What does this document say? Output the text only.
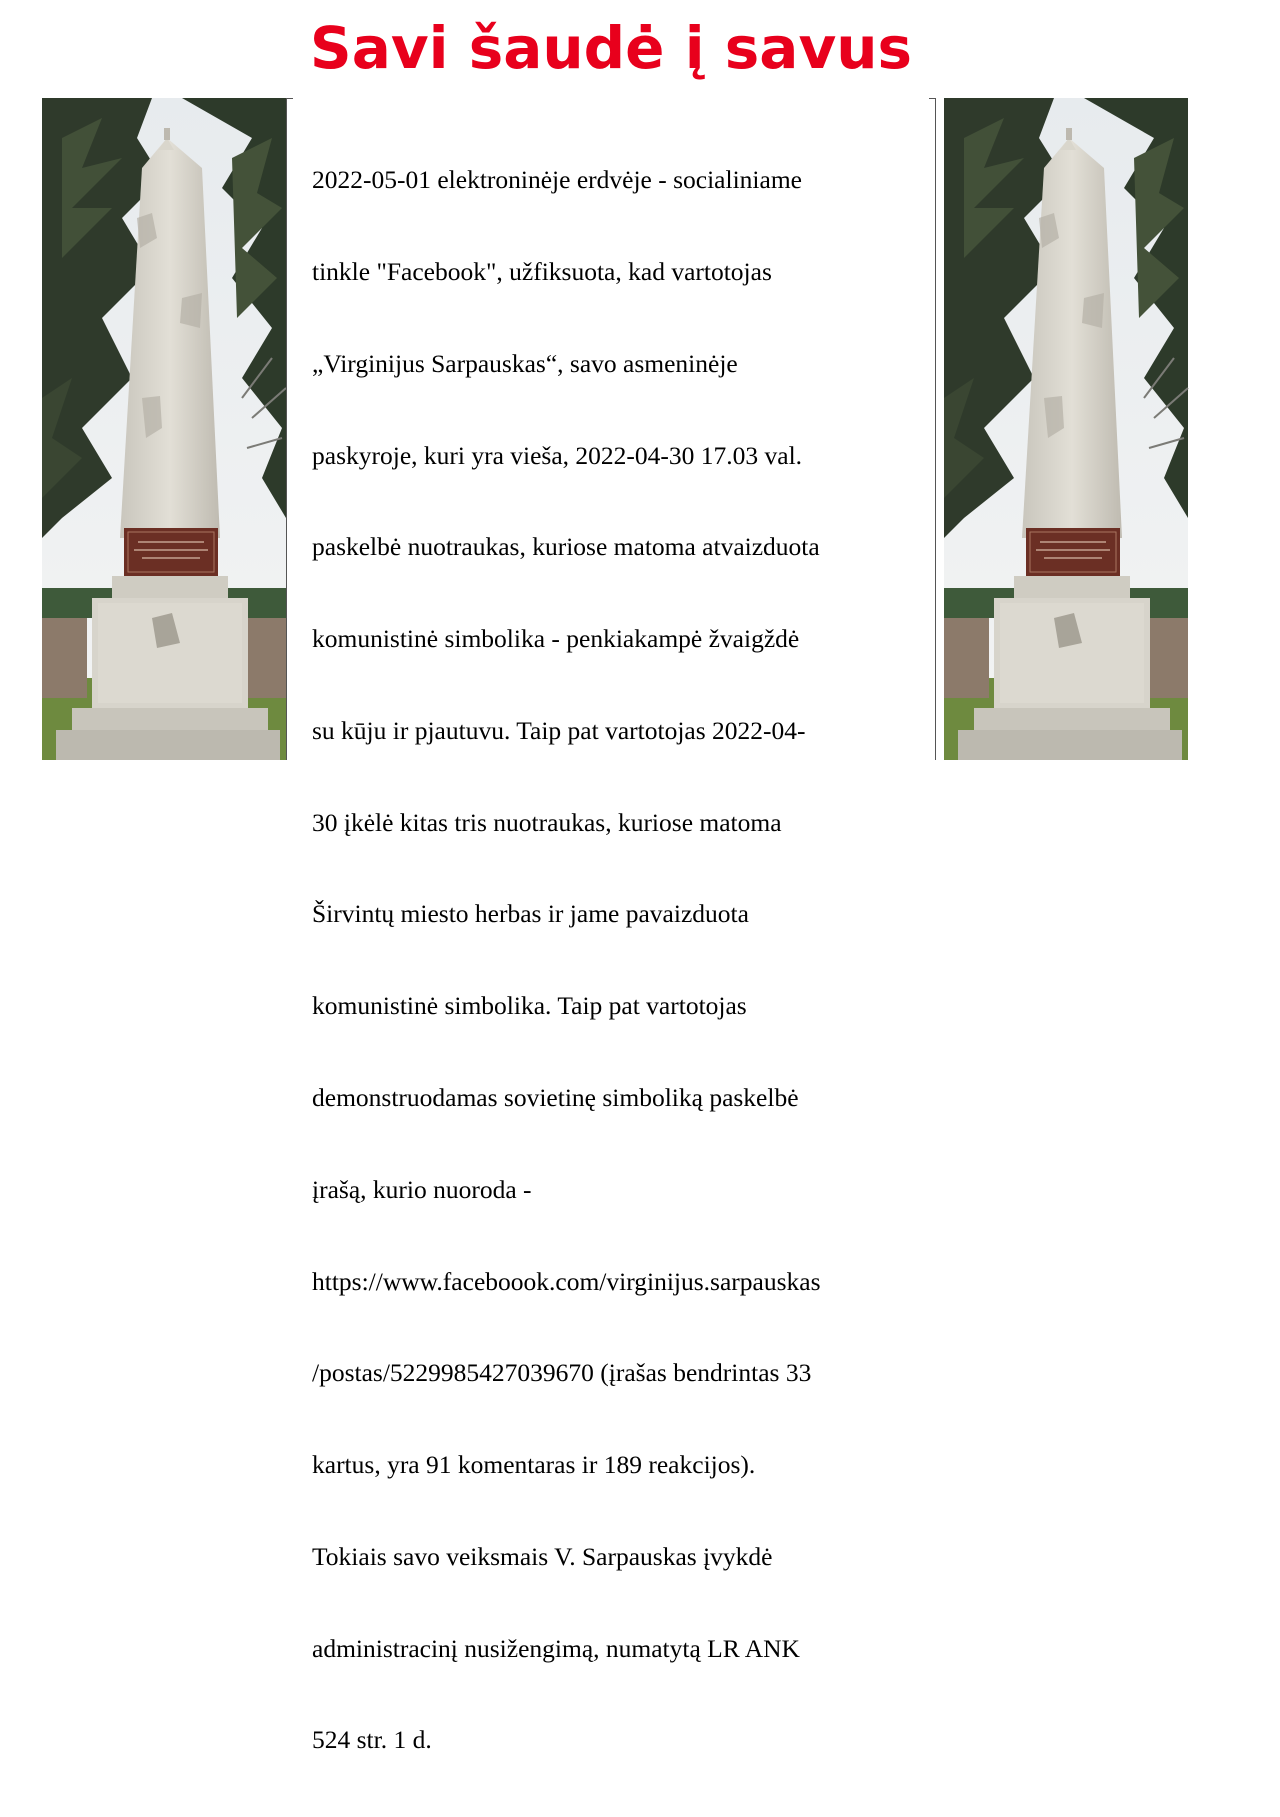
Savi šaudė į savus

2022-05-01 elektroninėje erdvėje - socialiniame

tinkle "Facebook", užfiksuota, kad vartotojas

„Virginijus Sarpauskas“, savo asmeninėje

paskyroje, kuri yra vieša, 2022-04-30 17.03 val.

paskelbė nuotraukas, kuriose matoma atvaizduota

komunistinė simbolika - penkiakampė žvaigždė

su kūju ir pjautuvu. Taip pat vartotojas 2022-04-

30 įkėlė kitas tris nuotraukas, kuriose matoma

Širvintų miesto herbas ir jame pavaizduota

komunistinė simbolika. Taip pat vartotojas

demonstruodamas sovietinę simboliką paskelbė

įrašą, kurio nuoroda -

https://www.faceboook.com/virginijus.sarpauskas

/postas/5229985427039670 (įrašas bendrintas 33

kartus, yra 91 komentaras ir 189 reakcijos).

Tokiais savo veiksmais V. Sarpauskas įvykdė

administracinį nusižengimą, numatytą LR ANK

524 str. 1 d.
